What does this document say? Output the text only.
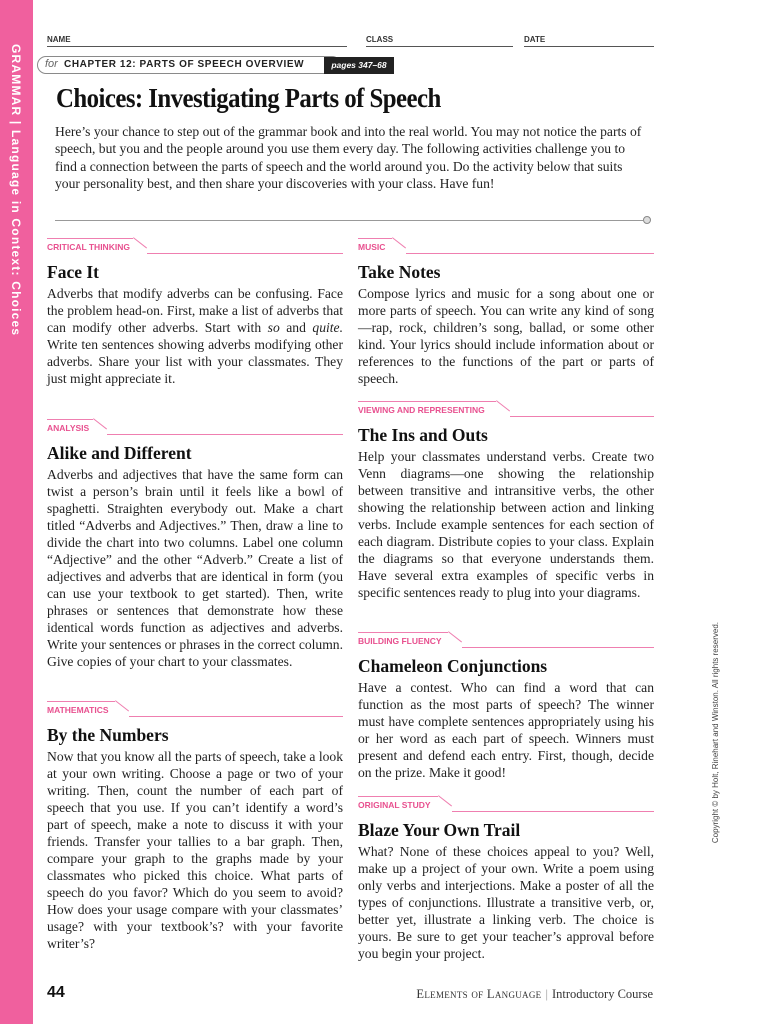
GRAMMAR | Language in Context: Choices
NAME	CLASS	DATE
for CHAPTER 12: PARTS OF SPEECH OVERVIEW	pages 347–68
Choices: Investigating Parts of Speech
Here’s your chance to step out of the grammar book and into the real world. You may not notice the parts of speech, but you and the people around you use them every day. The following activities challenge you to find a connection between the parts of speech and the world around you. Do the activity below that suits your personality best, and then share your discoveries with your class. Have fun!
CRITICAL THINKING
Face It
Adverbs that modify adverbs can be confusing. Face the problem head-on. First, make a list of adverbs that can modify other adverbs. Start with so and quite. Write ten sentences showing adverbs modifying other adverbs. Share your list with your classmates. They just might appreciate it.
ANALYSIS
Alike and Different
Adverbs and adjectives that have the same form can twist a person’s brain until it feels like a bowl of spaghetti. Straighten everybody out. Make a chart titled “Adverbs and Adjectives.” Then, draw a line to divide the chart into two columns. Label one column “Adjective” and the other “Adverb.” Create a list of adjectives and adverbs that are identical in form (you can use your textbook to get started). Then, write phrases or sentences that demonstrate how these identical words function as adjectives and adverbs. Write your sentences or phrases in the correct column. Give copies of your chart to your classmates.
MATHEMATICS
By the Numbers
Now that you know all the parts of speech, take a look at your own writing. Choose a page or two of your writing. Then, count the number of each part of speech that you use. If you can’t identify a word’s part of speech, make a note to discuss it with your friends. Transfer your tallies to a bar graph. Then, compare your graph to the graphs made by your classmates who picked this choice. What parts of speech do you favor? Which do you seem to avoid? How does your usage compare with your classmates’ usage? with your textbook’s? with your favorite writer’s?
MUSIC
Take Notes
Compose lyrics and music for a song about one or more parts of speech. You can write any kind of song—rap, rock, children’s song, ballad, or some other kind. Your lyrics should include information about or references to the functions of the part or parts of speech.
VIEWING AND REPRESENTING
The Ins and Outs
Help your classmates understand verbs. Create two Venn diagrams—one showing the relationship between transitive and intransitive verbs, the other showing the relationship between action and linking verbs. Include example sentences for each section of each diagram. Distribute copies to your class. Explain the diagrams so that everyone understands them. Have several extra examples of specific verbs in specific sentences ready to plug into your diagrams.
BUILDING FLUENCY
Chameleon Conjunctions
Have a contest. Who can find a word that can function as the most parts of speech? The winner must have complete sentences appropriately using his or her word as each part of speech. Winners must present and defend each entry. First, though, decide on the prize. Make it good!
ORIGINAL STUDY
Blaze Your Own Trail
What? None of these choices appeal to you? Well, make up a project of your own. Write a poem using only verbs and interjections. Make a poster of all the types of conjunctions. Illustrate a transitive verb, or, better yet, illustrate a linking verb. The choice is yours. Be sure to get your teacher’s approval before you begin your project.
Copyright © by Holt, Rinehart and Winston. All rights reserved.
44	Elements of Language | Introductory Course
